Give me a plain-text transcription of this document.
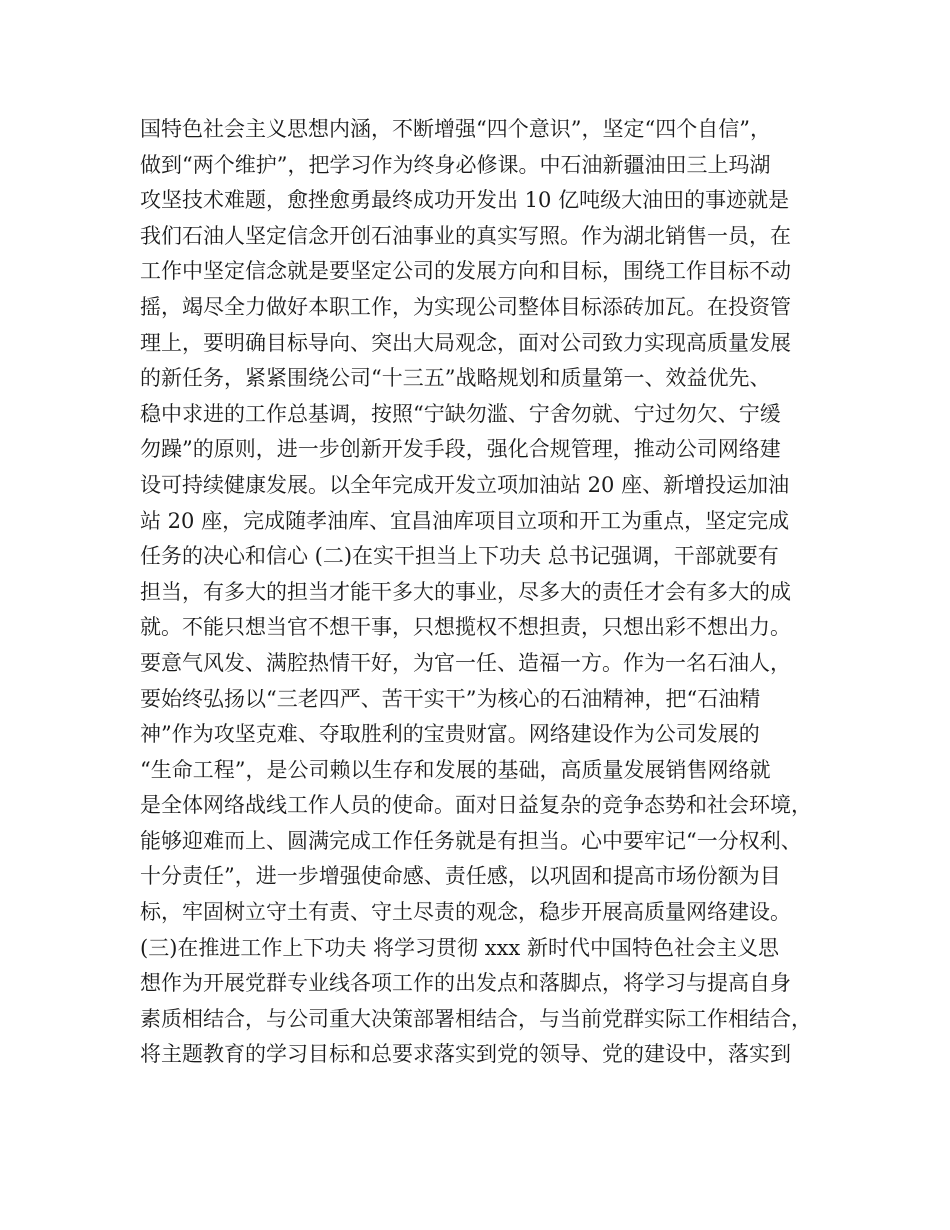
国特色社会主义思想内涵，不断增强“四个意识”，坚定“四个自信”，
做到“两个维护”，把学习作为终身必修课。中石油新疆油田三上玛湖
攻坚技术难题，愈挫愈勇最终成功开发出 10 亿吨级大油田的事迹就是
我们石油人坚定信念开创石油事业的真实写照。作为湖北销售一员，在
工作中坚定信念就是要坚定公司的发展方向和目标，围绕工作目标不动
摇，竭尽全力做好本职工作，为实现公司整体目标添砖加瓦。在投资管
理上，要明确目标导向、突出大局观念，面对公司致力实现高质量发展
的新任务，紧紧围绕公司“十三五”战略规划和质量第一、效益优先、
稳中求进的工作总基调，按照“宁缺勿滥、宁舍勿就、宁过勿欠、宁缓
勿躁”的原则，进一步创新开发手段，强化合规管理，推动公司网络建
设可持续健康发展。以全年完成开发立项加油站 20 座、新增投运加油
站 20 座，完成随孝油库、宜昌油库项目立项和开工为重点，坚定完成
任务的决心和信心 (二)在实干担当上下功夫 总书记强调，干部就要有
担当，有多大的担当才能干多大的事业，尽多大的责任才会有多大的成
就。不能只想当官不想干事，只想揽权不想担责，只想出彩不想出力。
要意气风发、满腔热情干好，为官一任、造福一方。作为一名石油人，
要始终弘扬以“三老四严、苦干实干”为核心的石油精神，把“石油精
神”作为攻坚克难、夺取胜利的宝贵财富。网络建设作为公司发展的
“生命工程”，是公司赖以生存和发展的基础，高质量发展销售网络就
是全体网络战线工作人员的使命。面对日益复杂的竞争态势和社会环境，
能够迎难而上、圆满完成工作任务就是有担当。心中要牢记“一分权利、
十分责任”，进一步增强使命感、责任感，以巩固和提高市场份额为目
标，牢固树立守土有责、守土尽责的观念，稳步开展高质量网络建设。
(三)在推进工作上下功夫 将学习贯彻 xxx 新时代中国特色社会主义思
想作为开展党群专业线各项工作的出发点和落脚点，将学习与提高自身
素质相结合，与公司重大决策部署相结合，与当前党群实际工作相结合，
将主题教育的学习目标和总要求落实到党的领导、党的建设中，落实到
